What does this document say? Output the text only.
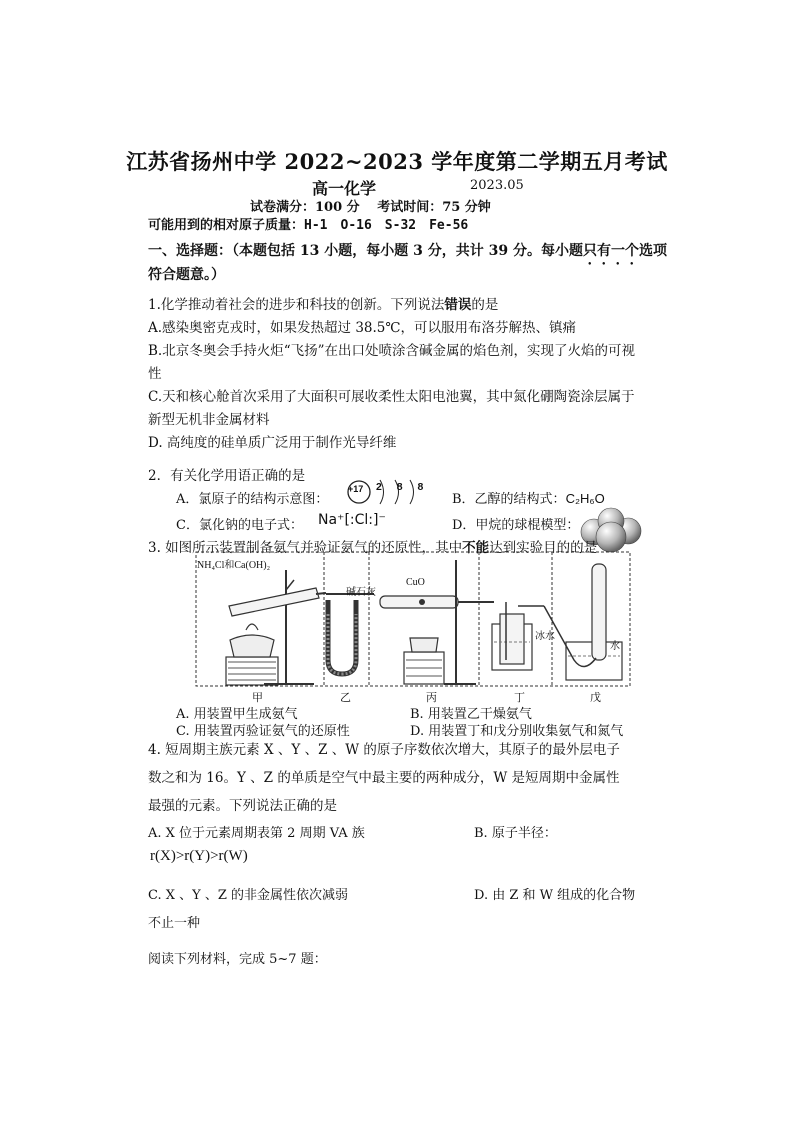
江苏省扬州中学 2022~2023 学年度第二学期五月考试
高一化学	2023.05
试卷满分：100 分　 考试时间：75 分钟
可能用到的相对原子质量：H-1　O-16　S-32　Fe-56
一、选择题：（本题包括 13 小题，每小题 3 分，共计 39 分。每小题只有一个选项
符合题意。）
1.化学推动着社会的进步和科技的创新。下列说法错误的是
A.感染奥密克戎时，如果发热超过 38.5℃，可以服用布洛芬解热、镇痛
B.北京冬奥会手持火炬“飞扬”在出口处喷涂含碱金属的焰色剂，实现了火焰的可视
性
C.天和核心舱首次采用了大面积可展收柔性太阳电池翼，其中氮化硼陶瓷涂层属于
新型无机非金属材料
D. 高纯度的硅单质广泛用于制作光导纤维
2．有关化学用语正确的是
A．氯原子的结构示意图：
+17 2 8 8
B．乙醇的结构式：C₂H₆O
C．氯化钠的电子式： Na⁺[:Cl:]⁻	D．甲烷的球棍模型：
3. 如图所示装置制备氨气并验证氨气的还原性，其中不能达到实验目的的是
NH₄Cl和Ca(OH)₂
碱石灰
CuO
冰水
水
甲	乙	丙	丁	戊
A. 用装置甲生成氨气	B. 用装置乙干燥氨气
C. 用装置丙验证氨气的还原性	D. 用装置丁和戊分别收集氨气和氮气
4. 短周期主族元素 X 、Y 、Z 、W 的原子序数依次增大，其原子的最外层电子
数之和为 16。Y 、Z 的单质是空气中最主要的两种成分，W 是短周期中金属性
最强的元素。下列说法正确的是
A. X 位于元素周期表第 2 周期 VA 族	B. 原子半径：
r(X)>r(Y)>r(W)
C. X 、Y 、Z 的非金属性依次减弱	D. 由 Z 和 W 组成的化合物
不止一种
阅读下列材料，完成 5~7 题：
